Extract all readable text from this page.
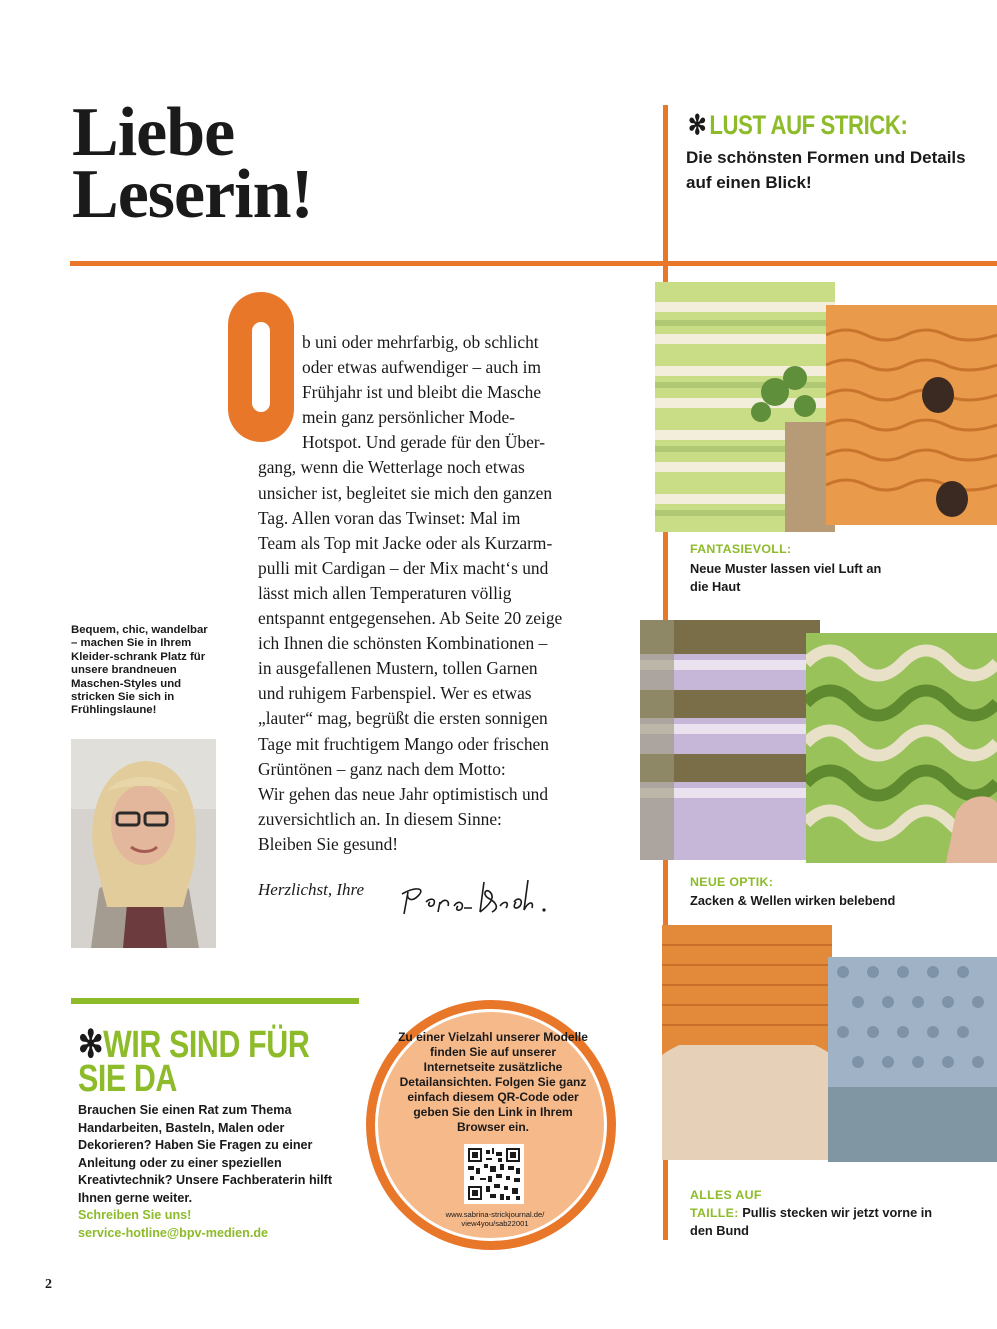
Liebe
Leserin!
✻ LUST AUF STRICK:
Die schönsten Formen und Details auf einen Blick!
b uni oder mehrfarbig, ob schlicht
oder etwas aufwendiger – auch im
Frühjahr ist und bleibt die Masche
mein ganz persönlicher Mode-
Hotspot. Und gerade für den Über-
gang, wenn die Wetterlage noch etwas
unsicher ist, begleitet sie mich den ganzen
Tag. Allen voran das Twinset: Mal im
Team als Top mit Jacke oder als Kurzarm-
pulli mit Cardigan – der Mix macht‘s und
lässt mich allen Temperaturen völlig
entspannt entgegensehen. Ab Seite 20 zeige
ich Ihnen die schönsten Kombinationen –
in ausgefallenen Mustern, tollen Garnen
und ruhigem Farbenspiel. Wer es etwas
„lauter“ mag, begrüßt die ersten sonnigen
Tage mit fruchtigem Mango oder frischen
Grüntönen – ganz nach dem Motto:
Wir gehen das neue Jahr optimistisch und
zuversichtlich an. In diesem Sinne:
Bleiben Sie gesund!
Herzlichst, Ihre
Bequem, chic, wandelbar – machen Sie in Ihrem Kleider-schrank Platz für unsere brandneuen Maschen-Styles und stricken Sie sich in Frühlingslaune!
✻WIR SIND FÜR
SIE DA
Brauchen Sie einen Rat zum Thema Handarbeiten, Basteln, Malen oder Dekorieren? Haben Sie Fragen zu einer Anleitung oder zu einer speziellen Kreativtechnik? Unsere Fachberaterin hilft Ihnen gerne weiter.
Schreiben Sie uns!
service-hotline@bpv-medien.de
Zu einer Vielzahl unserer Modelle finden Sie auf unserer Internetseite zusätzliche Detailansichten. Folgen Sie ganz einfach diesem QR-Code oder geben Sie den Link in Ihrem Browser ein.
www.sabrina-strickjournal.de/
view4you/sab22001
FANTASIEVOLL:
Neue Muster lassen viel Luft an die Haut
NEUE OPTIK:
Zacken & Wellen wirken belebend
ALLES AUF
TAILLE: Pullis stecken wir jetzt vorne in den Bund
2
